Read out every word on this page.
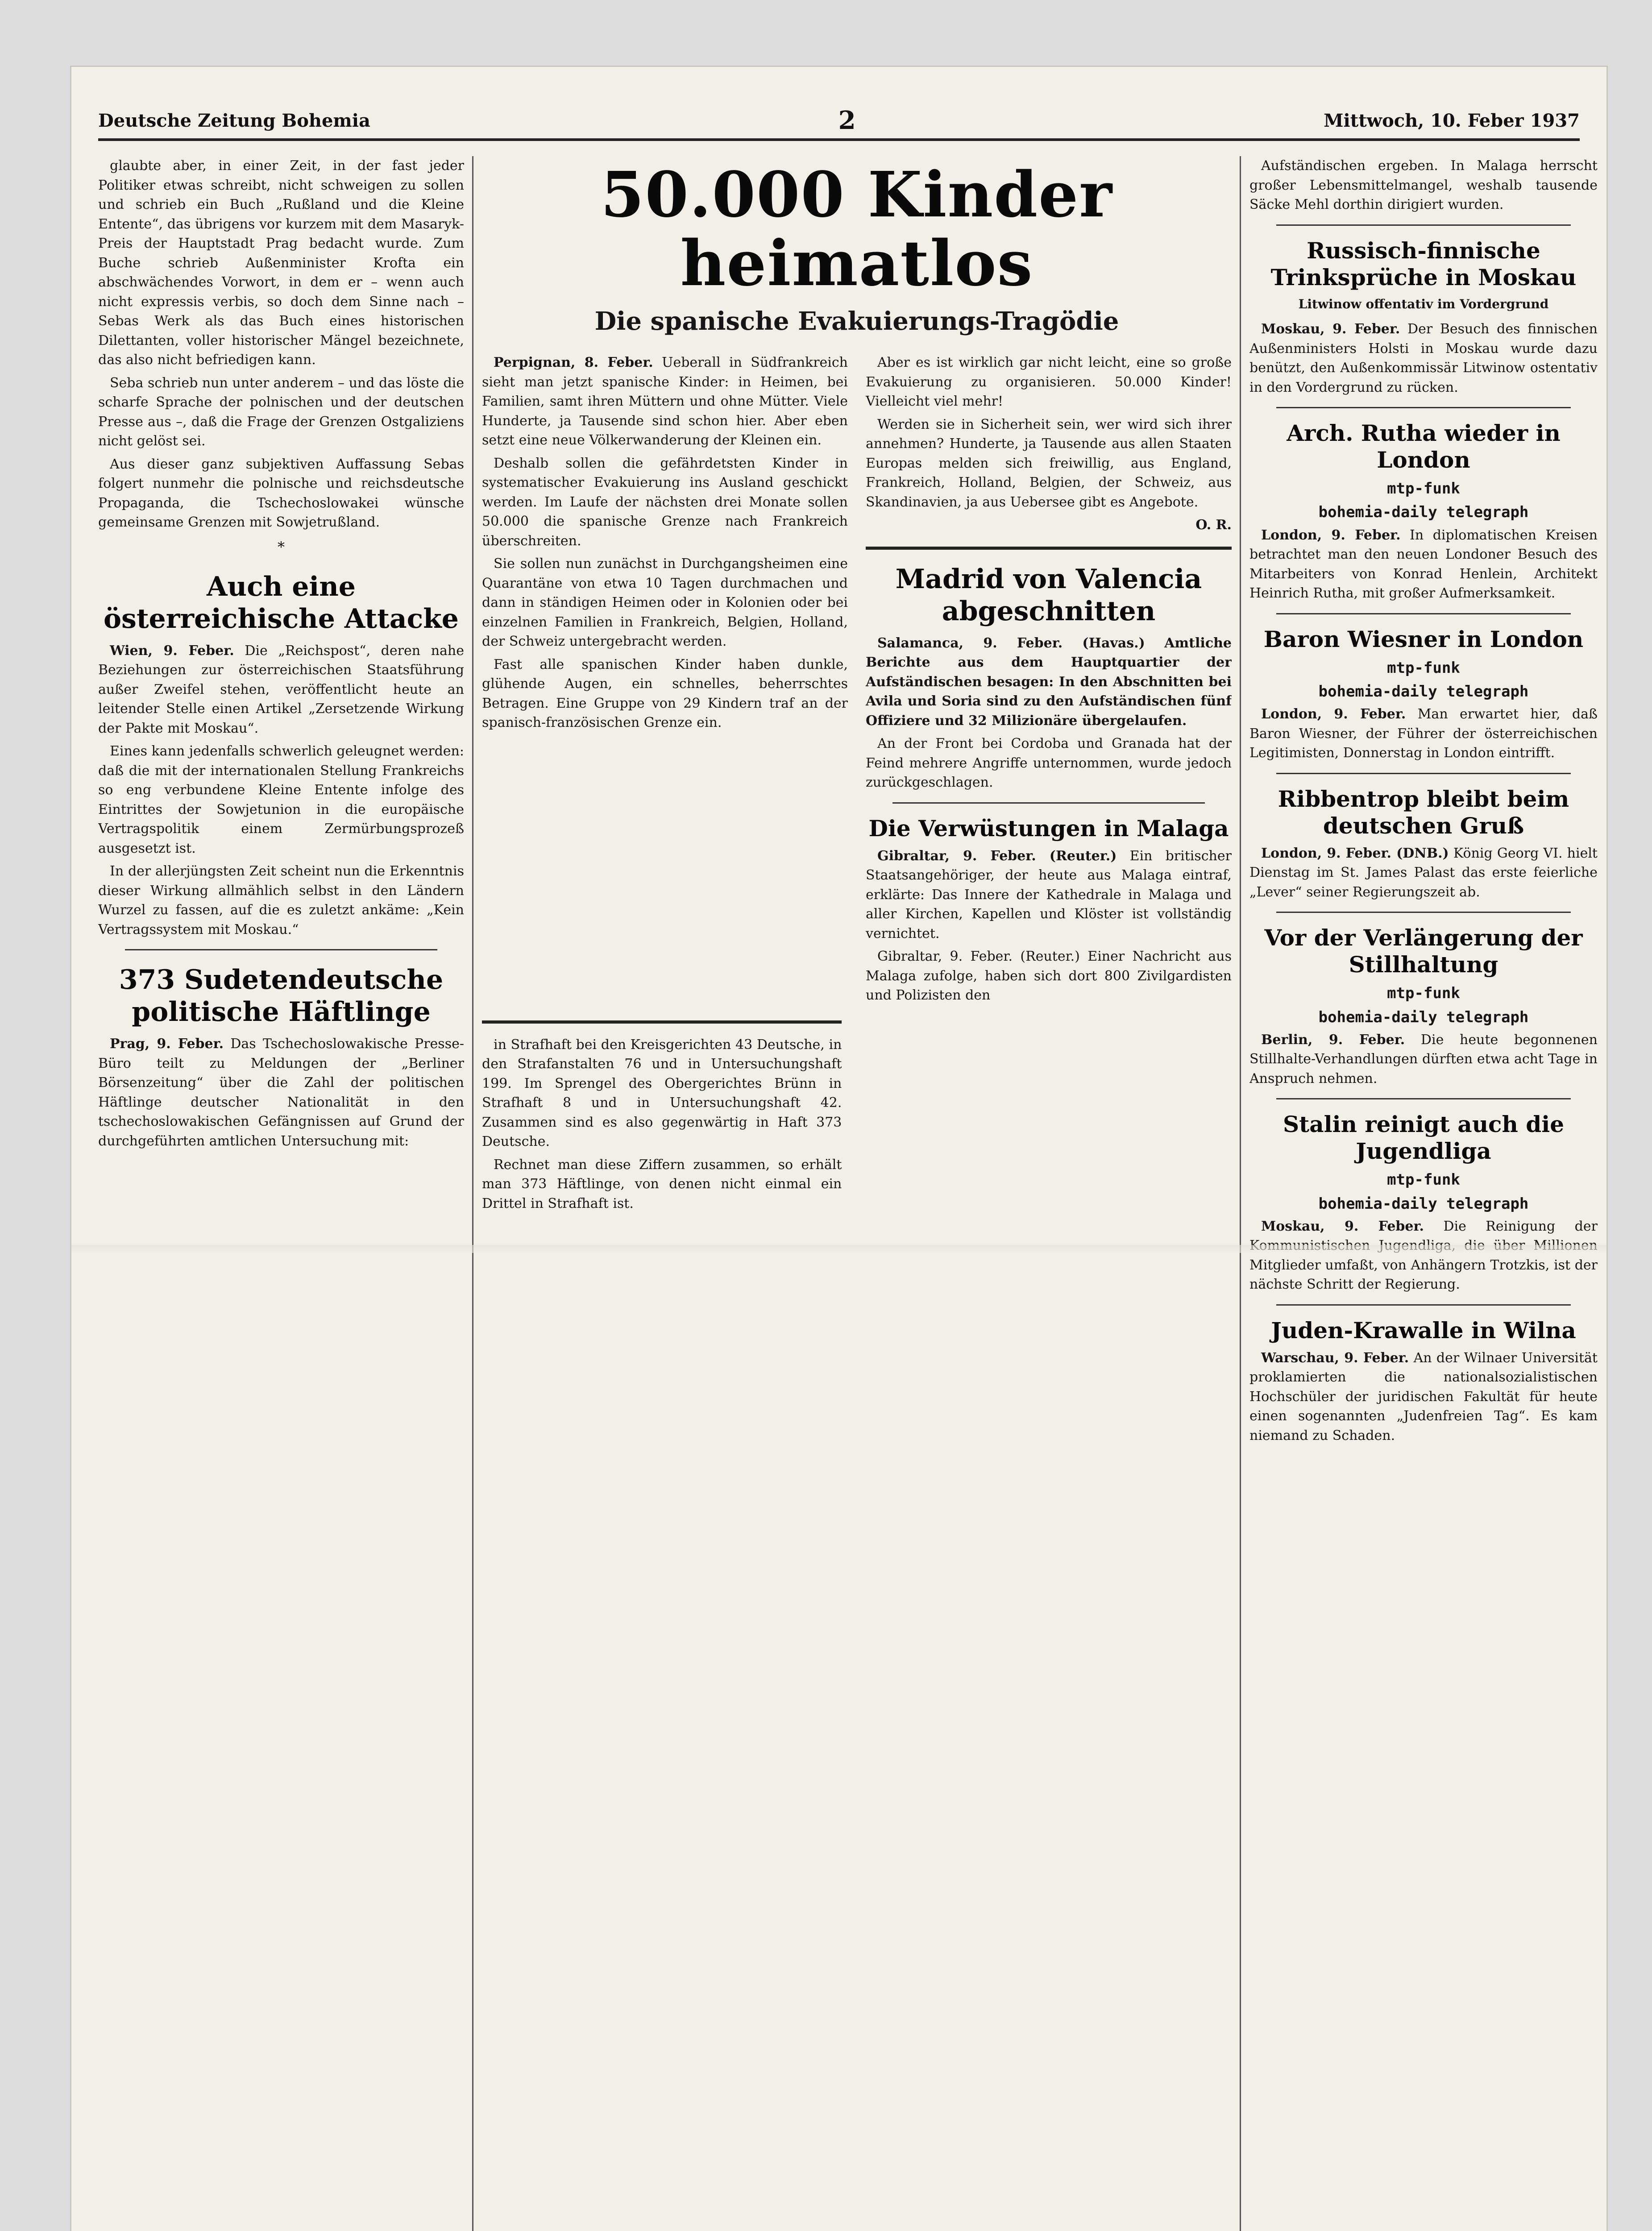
Deutsche Zeitung Bohemia	2	Mittwoch, 10. Feber 1937

glaubte aber, in einer Zeit, in der fast jeder Politiker etwas schreibt, nicht schweigen zu sollen und schrieb ein Buch „Rußland und die Kleine Entente“, das übrigens vor kurzem mit dem Masaryk-Preis der Hauptstadt Prag bedacht wurde. Zum Buche schrieb Außenminister Krofta ein abschwächendes Vorwort, in dem er – wenn auch nicht expressis verbis, so doch dem Sinne nach – Sebas Werk als das Buch eines historischen Dilettanten, voller historischer Mängel bezeichnete, das also nicht befriedigen kann.

Seba schrieb nun unter anderem – und das löste die scharfe Sprache der polnischen und der deutschen Presse aus –, daß die Frage der Grenzen Ostgaliziens nicht gelöst sei.

Aus dieser ganz subjektiven Auffassung Sebas folgert nunmehr die polnische und reichsdeutsche Propaganda, die Tschechoslowakei wünsche gemeinsame Grenzen mit Sowjetrußland.

*
Auch eine österreichische Attacke

Wien, 9. Feber. Die „Reichspost“, deren nahe Beziehungen zur österreichischen Staatsführung außer Zweifel stehen, veröffentlicht heute an leitender Stelle einen Artikel „Zersetzende Wirkung der Pakte mit Moskau“.

Eines kann jedenfalls schwerlich geleugnet werden: daß die mit der internationalen Stellung Frankreichs so eng verbundene Kleine Entente infolge des Eintrittes der Sowjetunion in die europäische Vertragspolitik einem Zermürbungsprozeß ausgesetzt ist.

In der allerjüngsten Zeit scheint nun die Erkenntnis dieser Wirkung allmählich selbst in den Ländern Wurzel zu fassen, auf die es zuletzt ankäme: „Kein Vertragssystem mit Moskau.“

373 Sudetendeutsche politische Häftlinge

Prag, 9. Feber. Das Tschechoslowakische Presse-Büro teilt zu Meldungen der „Berliner Börsenzeitung“ über die Zahl der politischen Häftlinge deutscher Nationalität in den tschechoslowakischen Gefängnissen auf Grund der durchgeführten amtlichen Untersuchung mit:

50.000 Kinder heimatlos
Die spanische Evakuierungs-Tragödie

Perpignan, 8. Feber. Ueberall in Südfrankreich sieht man jetzt spanische Kinder: in Heimen, bei Familien, samt ihren Müttern und ohne Mütter. Viele Hunderte, ja Tausende sind schon hier. Aber eben setzt eine neue Völkerwanderung der Kleinen ein.

Deshalb sollen die gefährdetsten Kinder in systematischer Evakuierung ins Ausland geschickt werden. Im Laufe der nächsten drei Monate sollen 50.000 die spanische Grenze nach Frankreich überschreiten.

Sie sollen nun zunächst in Durchgangsheimen eine Quarantäne von etwa 10 Tagen durchmachen und dann in ständigen Heimen oder in Kolonien oder bei einzelnen Familien in Frankreich, Belgien, Holland, der Schweiz untergebracht werden.

Fast alle spanischen Kinder haben dunkle, glühende Augen, ein schnelles, beherrschtes Betragen. Eine Gruppe von 29 Kindern traf an der spanisch-französischen Grenze ein.

Aber es ist wirklich gar nicht leicht, eine so große Evakuierung zu organisieren. 50.000 Kinder! Vielleicht viel mehr!

Werden sie in Sicherheit sein, wer wird sich ihrer annehmen? Hunderte, ja Tausende aus allen Staaten Europas melden sich freiwillig, aus England, Frankreich, Holland, Belgien, der Schweiz, aus Skandinavien, ja aus Uebersee gibt es Angebote.

O. R.

Madrid von Valencia abgeschnitten

Salamanca, 9. Feber. (Havas.) Amtliche Berichte aus dem Hauptquartier der Aufständischen besagen: In den Abschnitten bei Avila und Soria sind zu den Aufständischen fünf Offiziere und 32 Milizionäre übergelaufen.

An der Front bei Cordoba und Granada hat der Feind mehrere Angriffe unternommen, wurde jedoch zurückgeschlagen.

Die Verwüstungen in Malaga

Gibraltar, 9. Feber. (Reuter.) Ein britischer Staatsangehöriger, der heute aus Malaga eintraf, erklärte: Das Innere der Kathedrale in Malaga und aller Kirchen, Kapellen und Klöster ist vollständig vernichtet.

Gibraltar, 9. Feber. (Reuter.) Einer Nachricht aus Malaga zufolge, haben sich dort 800 Zivilgardisten und Polizisten den

in Strafhaft bei den Kreisgerichten 43 Deutsche, in den Strafanstalten 76 und in Untersuchungshaft 199. Im Sprengel des Obergerichtes Brünn in Strafhaft 8 und in Untersuchungshaft 42. Zusammen sind es also gegenwärtig in Haft 373 Deutsche.

Rechnet man diese Ziffern zusammen, so erhält man 373 Häftlinge, von denen nicht einmal ein Drittel in Strafhaft ist.

Aufständischen ergeben. In Malaga herrscht großer Lebensmittelmangel, weshalb tausende Säcke Mehl dorthin dirigiert wurden.

Russisch-finnische Trinksprüche in Moskau
Litwinow offentativ im Vordergrund

Moskau, 9. Feber. Der Besuch des finnischen Außenministers Holsti in Moskau wurde dazu benützt, den Außenkommissär Litwinow ostentativ in den Vordergrund zu rücken.

Arch. Rutha wieder in London
mtp-funk
bohemia-daily telegraph

London, 9. Feber. In diplomatischen Kreisen betrachtet man den neuen Londoner Besuch des Mitarbeiters von Konrad Henlein, Architekt Heinrich Rutha, mit großer Aufmerksamkeit.

Baron Wiesner in London
mtp-funk
bohemia-daily telegraph

London, 9. Feber. Man erwartet hier, daß Baron Wiesner, der Führer der österreichischen Legitimisten, Donnerstag in London eintrifft.

Ribbentrop bleibt beim deutschen Gruß

London, 9. Feber. (DNB.) König Georg VI. hielt Dienstag im St. James Palast das erste feierliche „Lever“ seiner Regierungszeit ab.

Vor der Verlängerung der Stillhaltung
mtp-funk
bohemia-daily telegraph

Berlin, 9. Feber. Die heute begonnenen Stillhalte-Verhandlungen dürften etwa acht Tage in Anspruch nehmen.

Stalin reinigt auch die Jugendliga
mtp-funk
bohemia-daily telegraph

Moskau, 9. Feber. Die Reinigung der Mitglieder umfaßt, von Anhängern Trotzkis, ist der nächste Schritt der Regierung.

Juden-Krawalle in Wilna

Warschau, 9. Feber. An der Wilnaer Universität proklamierten die nationalsozialistischen Hochschüler der juridischen Fakultät für heute einen sogenannten „Judenfreien Tag“. Es kam niemand zu Schaden.
